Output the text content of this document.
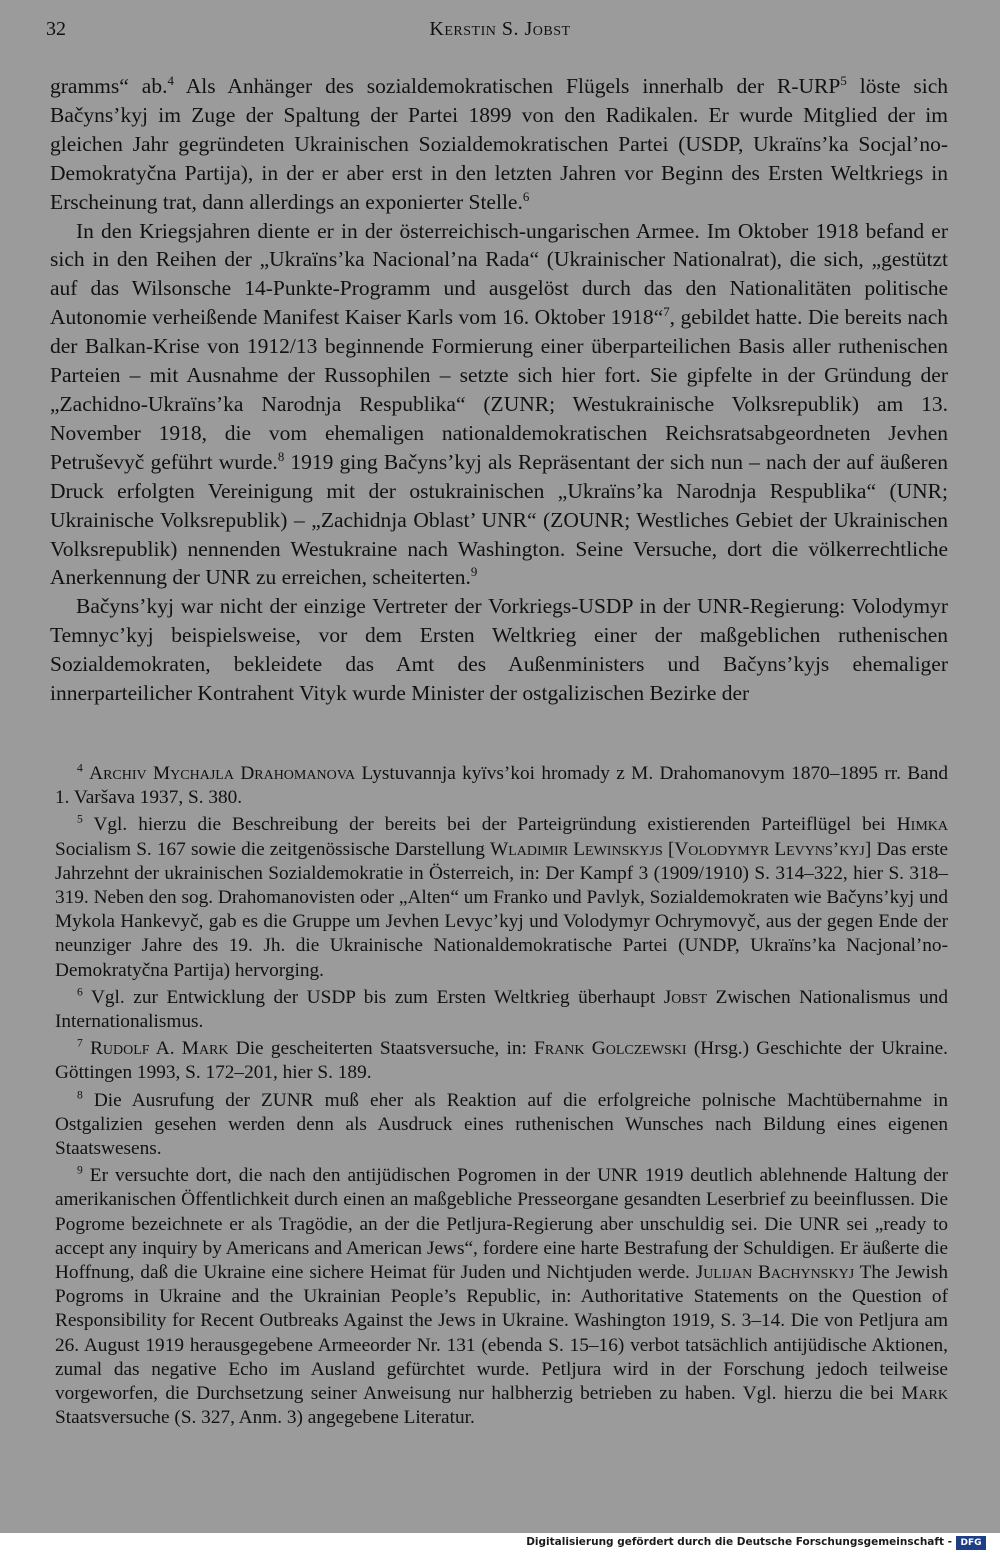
32	Kerstin S. Jobst

gramms“ ab.$^4$ Als Anhänger des sozialdemokratischen Flügels innerhalb der R-URP$^5$ löste sich Bačyns’kyj im Zuge der Spaltung der Partei 1899 von den Radikalen. Er wurde Mitglied der im gleichen Jahr gegründeten Ukrainischen Sozialdemokratischen Partei (USDP, Ukraïns’ka Socjal’no-Demokratyčna Partija), in der er aber erst in den letzten Jahren vor Beginn des Ersten Weltkriegs in Erscheinung trat, dann allerdings an exponierter Stelle.$^6$

In den Kriegsjahren diente er in der österreichisch-ungarischen Armee. Im Oktober 1918 befand er sich in den Reihen der „Ukraïns’ka Nacional’na Rada“ (Ukrainischer Nationalrat), die sich, „gestützt auf das Wilsonsche 14-Punkte-Programm und ausgelöst durch das den Nationalitäten politische Autonomie verheißende Manifest Kaiser Karls vom 16. Oktober 1918“$^7$, gebildet hatte. Die bereits nach der Balkan-Krise von 1912/13 beginnende Formierung einer überparteilichen Basis aller ruthenischen Parteien – mit Ausnahme der Russophilen – setzte sich hier fort. Sie gipfelte in der Gründung der „Zachidno-Ukraïns’ka Narodnja Respublika“ (ZUNR; Westukrainische Volksrepublik) am 13. November 1918, die vom ehemaligen nationaldemokratischen Reichsratsabgeordneten Jevhen Petruševyč geführt wurde.$^8$ 1919 ging Bačyns’kyj als Repräsentant der sich nun – nach der auf äußeren Druck erfolgten Vereinigung mit der ostukrainischen „Ukraïns’ka Narodnja Respublika“ (UNR; Ukrainische Volksrepublik) – „Zachidnja Oblast’ UNR“ (ZOUNR; Westliches Gebiet der Ukrainischen Volksrepublik) nennenden Westukraine nach Washington. Seine Versuche, dort die völkerrechtliche Anerkennung der UNR zu erreichen, scheiterten.$^9$

Bačyns’kyj war nicht der einzige Vertreter der Vorkriegs-USDP in der UNR-Regierung: Volodymyr Temnyc’kyj beispielsweise, vor dem Ersten Weltkrieg einer der maßgeblichen ruthenischen Sozialdemokraten, bekleidete das Amt des Außenministers und Bačyns’kyjs ehemaliger innerparteilicher Kontrahent Vityk wurde Minister der ostgalizischen Bezirke der

$^4$ Archiv Mychajla Drahomanova Lystuvannja kyïvs’koi hromady z M. Drahomanovym 1870–1895 rr. Band 1. Varšava 1937, S. 380.

$^5$ Vgl. hierzu die Beschreibung der bereits bei der Parteigründung existierenden Parteiflügel bei Himka Socialism S. 167 sowie die zeitgenössische Darstellung Wladimir Lewinskyjs [Volodymyr Levyns’kyj] Das erste Jahrzehnt der ukrainischen Sozialdemokratie in Österreich, in: Der Kampf 3 (1909/1910) S. 314–322, hier S. 318–319. Neben den sog. Drahomanovisten oder „Alten“ um Franko und Pavlyk, Sozialdemokraten wie Bačyns’kyj und Mykola Hankevyč, gab es die Gruppe um Jevhen Levyc’kyj und Volodymyr Ochrymovyč, aus der gegen Ende der neunziger Jahre des 19. Jh. die Ukrainische Nationaldemokratische Partei (UNDP, Ukraïns’ka Nacjonal’no-Demokratyčna Partija) hervorging.

$^6$ Vgl. zur Entwicklung der USDP bis zum Ersten Weltkrieg überhaupt Jobst Zwischen Nationalismus und Internationalismus.

$^7$ Rudolf A. Mark Die gescheiterten Staatsversuche, in: Frank Golczewski (Hrsg.) Geschichte der Ukraine. Göttingen 1993, S. 172–201, hier S. 189.

$^8$ Die Ausrufung der ZUNR muß eher als Reaktion auf die erfolgreiche polnische Machtübernahme in Ostgalizien gesehen werden denn als Ausdruck eines ruthenischen Wunsches nach Bildung eines eigenen Staatswesens.

$^9$ Er versuchte dort, die nach den antijüdischen Pogromen in der UNR 1919 deutlich ablehnende Haltung der amerikanischen Öffentlichkeit durch einen an maßgebliche Presseorgane gesandten Leserbrief zu beeinflussen. Die Pogrome bezeichnete er als Tragödie, an der die Petljura-Regierung aber unschuldig sei. Die UNR sei „ready to accept any inquiry by Americans and American Jews“, fordere eine harte Bestrafung der Schuldigen. Er äußerte die Hoffnung, daß die Ukraine eine sichere Heimat für Juden und Nichtjuden werde. Julijan Bachynskyj The Jewish Pogroms in Ukraine and the Ukrainian People’s Republic, in: Authoritative Statements on the Question of Responsibility for Recent Outbreaks Against the Jews in Ukraine. Washington 1919, S. 3–14. Die von Petljura am 26. August 1919 herausgegebene Armeeorder Nr. 131 (ebenda S. 15–16) verbot tatsächlich antijüdische Aktionen, zumal das negative Echo im Ausland gefürchtet wurde. Petljura wird in der Forschung jedoch teilweise vorgeworfen, die Durchsetzung seiner Anweisung nur halbherzig betrieben zu haben. Vgl. hierzu die bei Mark Staatsversuche (S. 327, Anm. 3) angegebene Literatur.

Digitalisierung gefördert durch die Deutsche Forschungsgemeinschaft - DFG
